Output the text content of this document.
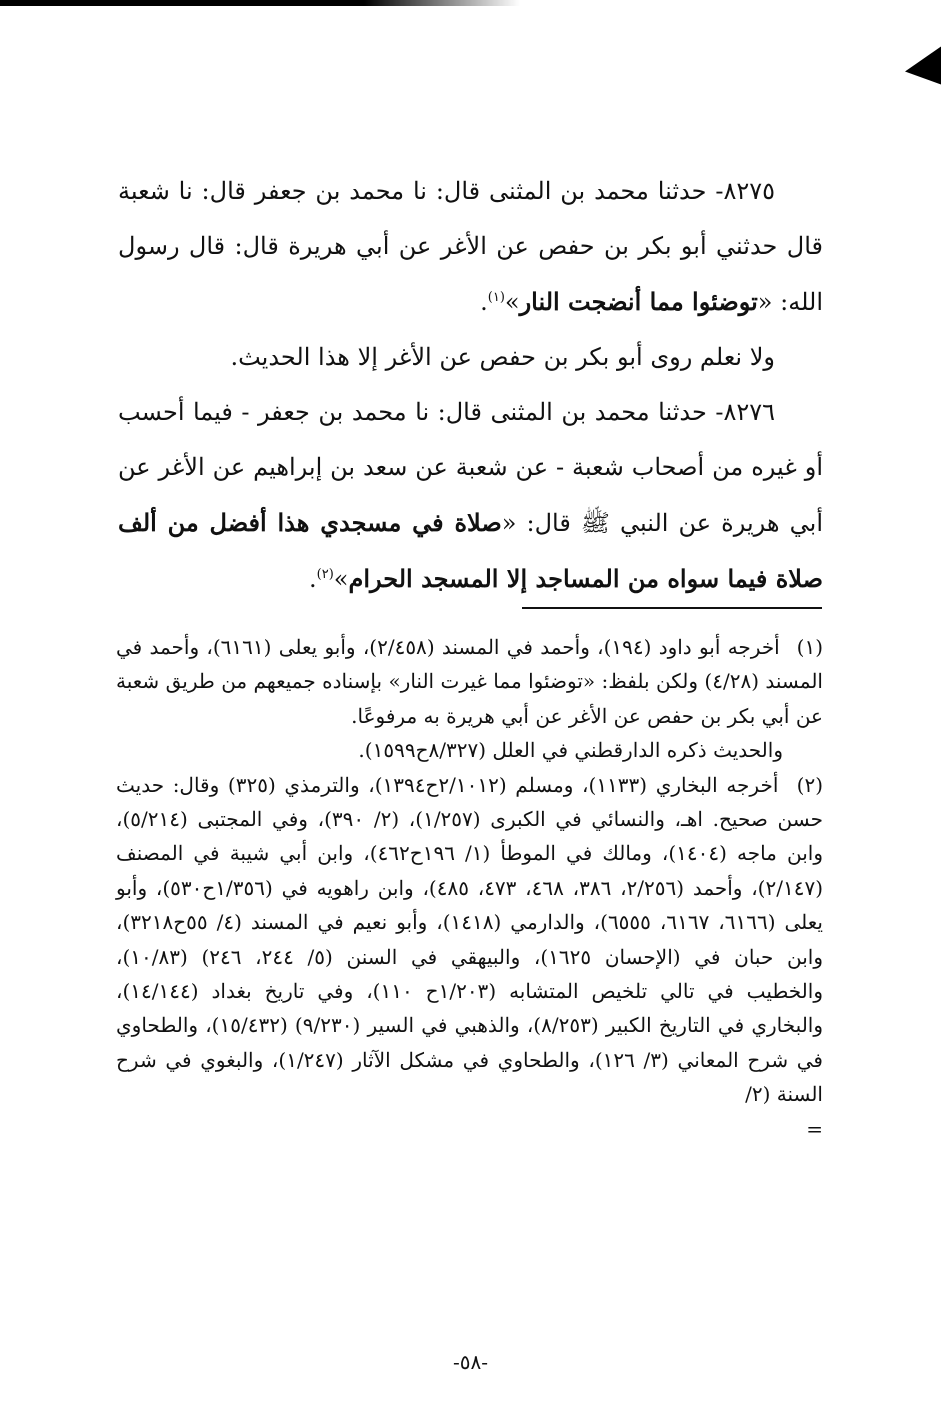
٨٢٧٥- حدثنا محمد بن المثنى قال: نا محمد بن جعفر قال: نا شعبة قال حدثني أبو بكر بن حفص عن الأغر عن أبي هريرة قال: قال رسول الله: «توضئوا مما أنضجت النار»$^{(١)}$.

ولا نعلم روى أبو بكر بن حفص عن الأغر إلا هذا الحديث.

٨٢٧٦- حدثنا محمد بن المثنى قال: نا محمد بن جعفر - فيما أحسب أو غيره من أصحاب شعبة - عن شعبة عن سعد بن إبراهيم عن الأغر عن أبي هريرة عن النبي ﷺ قال: «صلاة في مسجدي هذا أفضل من ألف صلاة فيما سواه من المساجد إلا المسجد الحرام»$^{(٢)}$.

(١) أخرجه أبو داود (١٩٤)، وأحمد في المسند (٢/٤٥٨)، وأبو يعلى (٦١٦١)، وأحمد في المسند (٤/٢٨) ولكن بلفظ: «توضئوا مما غيرت النار» بإسناده جميعهم من طريق شعبة عن أبي بكر بن حفص عن الأغر عن أبي هريرة به مرفوعًا.

والحديث ذكره الدارقطني في العلل (٨/٣٢٧ح١٥٩٩).

(٢) أخرجه البخاري (١١٣٣)، ومسلم (٢/١٠١٢ح١٣٩٤)، والترمذي (٣٢٥) وقال: حديث حسن صحيح. اهـ، والنسائي في الكبرى (١/٢٥٧)، (٢/ ٣٩٠)، وفي المجتبى (٥/٢١٤)، وابن ماجه (١٤٠٤)، ومالك في الموطأ (١/ ١٩٦ح٤٦٢)، وابن أبي شيبة في المصنف (٢/١٤٧)، وأحمد (٢/٢٥٦، ٣٨٦، ٤٦٨، ٤٧٣، ٤٨٥)، وابن راهويه في (١/٣٥٦ح٥٣٠)، وأبو يعلى (٦١٦٦، ٦١٦٧، ٦٥٥٥)، والدارمي (١٤١٨)، وأبو نعيم في المسند (٤/ ٥٥ح٣٢١٨)، وابن حبان في (الإحسان ١٦٢٥)، والبيهقي في السنن (٥/ ٢٤٤، ٢٤٦) (١٠/٨٣)، والخطيب في تالي تلخيص المتشابه (١/٢٠٣ح ١١٠)، وفي تاريخ بغداد (١٤/١٤٤)، والبخاري في التاريخ الكبير (٨/٢٥٣)، والذهبي في السير (٩/٢٣٠) (١٥/٤٣٢)، والطحاوي في شرح المعاني (٣/ ١٢٦)، والطحاوي في مشكل الآثار (١/٢٤٧)، والبغوي في شرح السنة (٢/
=

-٥٨-
